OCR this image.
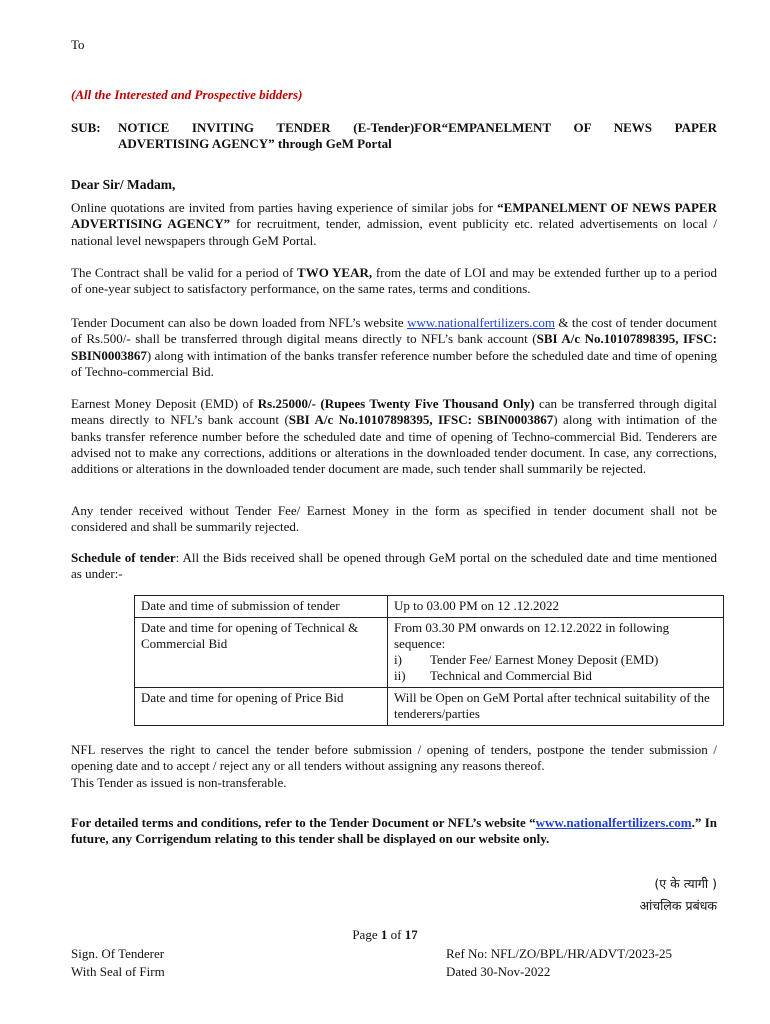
To
(All the Interested and Prospective bidders)
SUB: NOTICE INVITING TENDER (E-Tender)FOR“EMPANELMENT OF NEWS PAPER
ADVERTISING AGENCY” through GeM Portal
Dear Sir/ Madam,
Online quotations are invited from parties having experience of similar jobs for “EMPANELMENT OF NEWS PAPER ADVERTISING AGENCY” for recruitment, tender, admission, event publicity etc. related advertisements on local / national level newspapers through GeM Portal.
The Contract shall be valid for a period of TWO YEAR, from the date of LOI and may be extended further up to a period of one-year subject to satisfactory performance, on the same rates, terms and conditions.
Tender Document can also be down loaded from NFL’s website www.nationalfertilizers.com & the cost of tender document of Rs.500/- shall be transferred through digital means directly to NFL’s bank account (SBI A/c No.10107898395, IFSC: SBIN0003867) along with intimation of the banks transfer reference number before the scheduled date and time of opening of Techno-commercial Bid.
Earnest Money Deposit (EMD) of Rs.25000/- (Rupees Twenty Five Thousand Only) can be transferred through digital means directly to NFL’s bank account (SBI A/c No.10107898395, IFSC: SBIN0003867) along with intimation of the banks transfer reference number before the scheduled date and time of opening of Techno-commercial Bid. Tenderers are advised not to make any corrections, additions or alterations in the downloaded tender document. In case, any corrections, additions or alterations in the downloaded tender document are made, such tender shall summarily be rejected.
Any tender received without Tender Fee/ Earnest Money in the form as specified in tender document shall not be considered and shall be summarily rejected.
Schedule of tender: All the Bids received shall be opened through GeM portal on the scheduled date and time mentioned as under:-
Date and time of submission of tender	Up to 03.00 PM on 12 .12.2022
Date and time for opening of Technical & Commercial Bid	From 03.30 PM onwards on 12.12.2022 in following sequence:
i) Tender Fee/ Earnest Money Deposit (EMD)
ii) Technical and Commercial Bid

Date and time for opening of Price Bid	Will be Open on GeM Portal after technical suitability of the tenderers/parties
NFL reserves the right to cancel the tender before submission / opening of tenders, postpone the tender submission / opening date and to accept / reject any or all tenders without assigning any reasons thereof.
This Tender as issued is non-transferable.
For detailed terms and conditions, refer to the Tender Document or NFL’s website “www.nationalfertilizers.com.” In future, any Corrigendum relating to this tender shall be displayed on our website only.
(ए के त्यागी )
आंचलिक प्रबंधक
Page 1 of 17
Sign. Of Tenderer
With Seal of Firm
Ref No: NFL/ZO/BPL/HR/ADVT/2023-25
Dated 30-Nov-2022
